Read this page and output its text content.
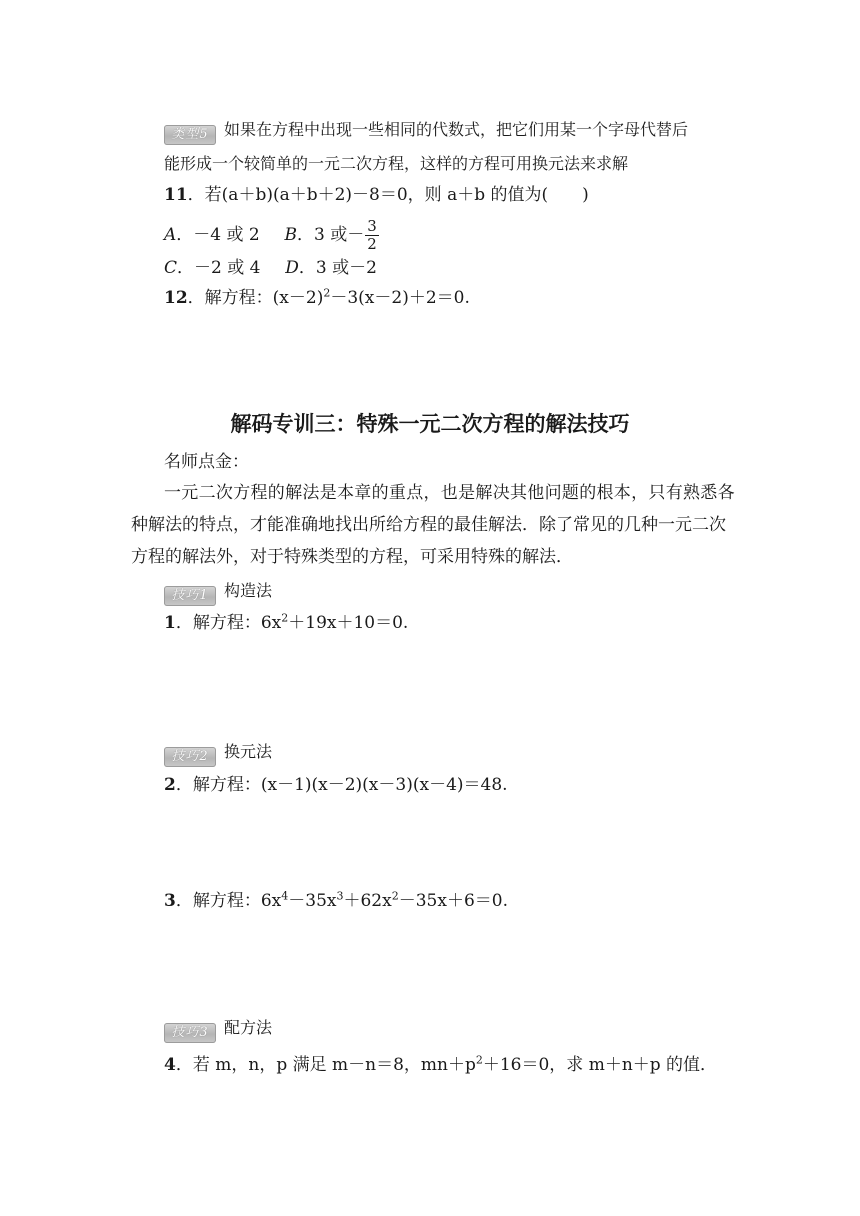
类型5 如果在方程中出现一些相同的代数式，把它们用某一个字母代替后
能形成一个较简单的一元二次方程，这样的方程可用换元法来求解
11．若(a＋b)(a＋b＋2)－8＝0，则 a＋b 的值为(　　)
A．－4 或 2 B．3 或－ $\frac{3}{2}$
C．－2 或 4 D．3 或－2
12．解方程：$(x-2)^2-3(x-2)+2=0$.
解码专训三：特殊一元二次方程的解法技巧
名师点金：
一元二次方程的解法是本章的重点，也是解决其他问题的根本，只有熟悉各
种解法的特点，才能准确地找出所给方程的最佳解法．除了常见的几种一元二次
方程的解法外，对于特殊类型的方程，可采用特殊的解法．
技巧1 构造法
1．解方程：$6x^2+19x+10=0$.
技巧2 换元法
2．解方程：(x－1)(x－2)(x－3)(x－4)＝48.
3．解方程：$6x^4-35x^3+62x^2-35x+6=0$.
技巧3 配方法
4．若 m，n，p 满足 m－n＝8，$mn+p^2+16=0$，求 m＋n＋p 的值．
